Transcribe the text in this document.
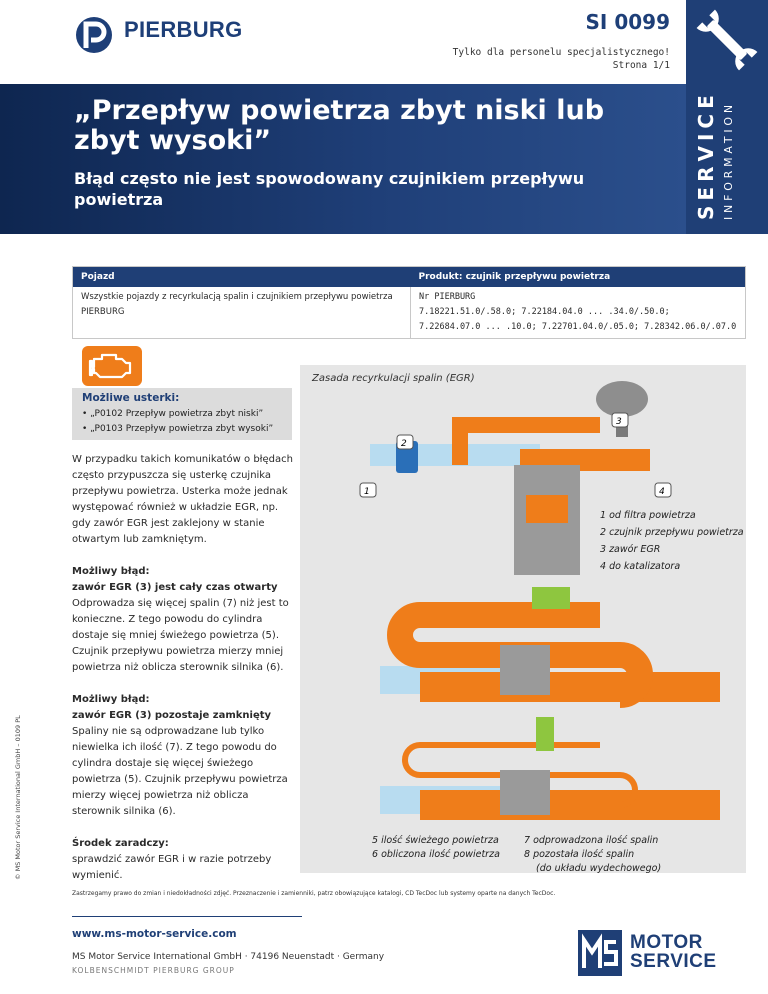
PIERBURG	SI 0099
Tylko dla personelu specjalistycznego!
Strona 1/1
SERVICE INFORMATION
„Przepływ powietrza zbyt niski lub zbyt wysoki”
Błąd często nie jest spowodowany czujnikiem przepływu powietrza
Pojazd	Produkt: czujnik przepływu powietrza
Wszystkie pojazdy z recyrkulacją spalin i czujnikiem przepływu powietrza PIERBURG	Nr PIERBURG
7.18221.51.0/.58.0; 7.22184.04.0 ... .34.0/.50.0;
7.22684.07.0 ... .10.0; 7.22701.04.0/.05.0; 7.28342.06.0/.07.0
Możliwe usterki:
• „P0102 Przepływ powietrza zbyt niski”
• „P0103 Przepływ powietrza zbyt wysoki”
W przypadku takich komunikatów o błędach często przypuszcza się usterkę czujnika przepływu powietrza. Usterka może jednak występować również w układzie EGR, np. gdy zawór EGR jest zaklejony w stanie otwartym lub zamkniętym.
Możliwy błąd:
zawór EGR (3) jest cały czas otwarty
Odprowadza się więcej spalin (7) niż jest to konieczne. Z tego powodu do cylindra dostaje się mniej świeżego powietrza (5). Czujnik przepływu powietrza mierzy mniej powietrza niż oblicza sterownik silnika (6).
Możliwy błąd:
zawór EGR (3) pozostaje zamknięty
Spaliny nie są odprowadzane lub tylko niewielka ich ilość (7). Z tego powodu do cylindra dostaje się więcej świeżego powietrza (5). Czujnik przepływu powietrza mierzy więcej powietrza niż oblicza sterownik silnika (6).
Środek zaradczy:
sprawdzić zawór EGR i w razie potrzeby wymienić.
Zasada recyrkulacji spalin (EGR)
1
2
3
4
1 od filtra powietrza
2 czujnik przepływu powietrza
3 zawór EGR
4 do katalizatora
5 ilość świeżego powietrza
6 obliczona ilość powietrza
7 odprowadzona ilość spalin
8 pozostała ilość spalin
(do układu wydechowego)
© MS Motor Service International GmbH – 0109 PL
Zastrzegamy prawo do zmian i niedokładności zdjęć. Przeznaczenie i zamienniki, patrz obowiązujące katalogi, CD TecDoc lub systemy oparte na danych TecDoc.
www.ms-motor-service.com
MS Motor Service International GmbH · 74196 Neuenstadt · Germany
KOLBENSCHMIDT PIERBURG GROUP
MOTOR
SERVICE
